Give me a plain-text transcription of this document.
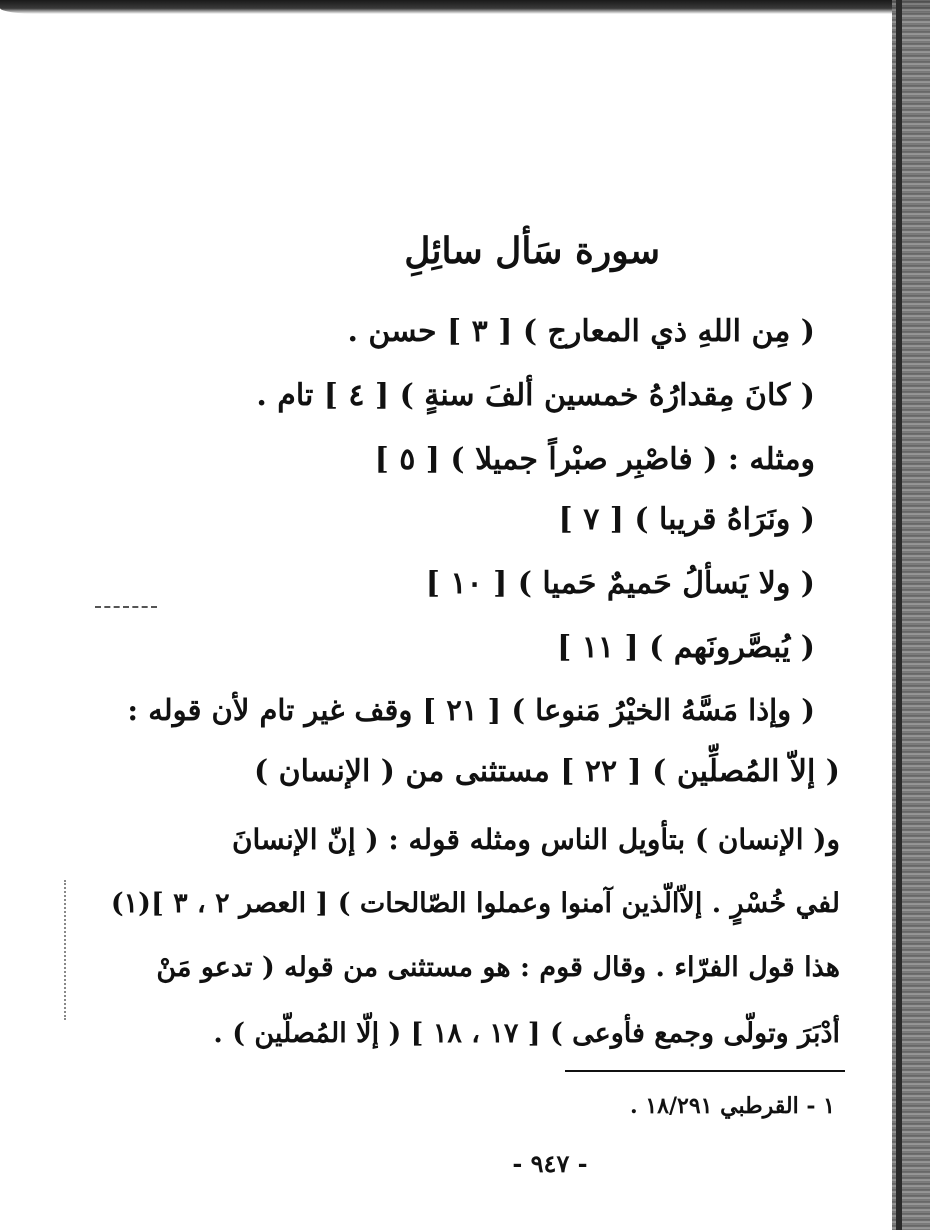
سورة سَأل سائِلِ
( مِن اللهِ ذي المعارج ) [ ٣ ] حسن .
( كانَ مِقدارُهُ خمسين ألفَ سنةٍ ) [ ٤ ] تام .
ومثله : ( فاصْبِر صبْراً جميلا ) [ ٥ ]
( ونَرَاهُ قريبا ) [ ٧ ]
( ولا يَسألُ حَميمٌ حَميا ) [ ١٠ ]
( يُبصَّرونَهم ) [ ١١ ]
( وإذا مَسَّهُ الخيْرُ مَنوعا ) [ ٢١ ] وقف غير تام لأن قوله :
( إلاّ المُصلِّين ) [ ٢٢ ] مستثنى من ( الإنسان )
و( الإنسان ) بتأويل الناس ومثله قوله : ( إنّ الإنسانَ
لفي خُسْرٍ . إلاّالّذين آمنوا وعملوا الصّالحات ) [ العصر ٢ ، ٣ ](١)
هذا قول الفرّاء . وقال قوم : هو مستثنى من قوله ( تدعو مَنْ
أدْبَرَ وتولّى وجمع فأوعى ) [ ١٧ ، ١٨ ] ( إلّا المُصلّين ) .
١ - القرطبي ١٨/٢٩١ .
- ٩٤٧ -
